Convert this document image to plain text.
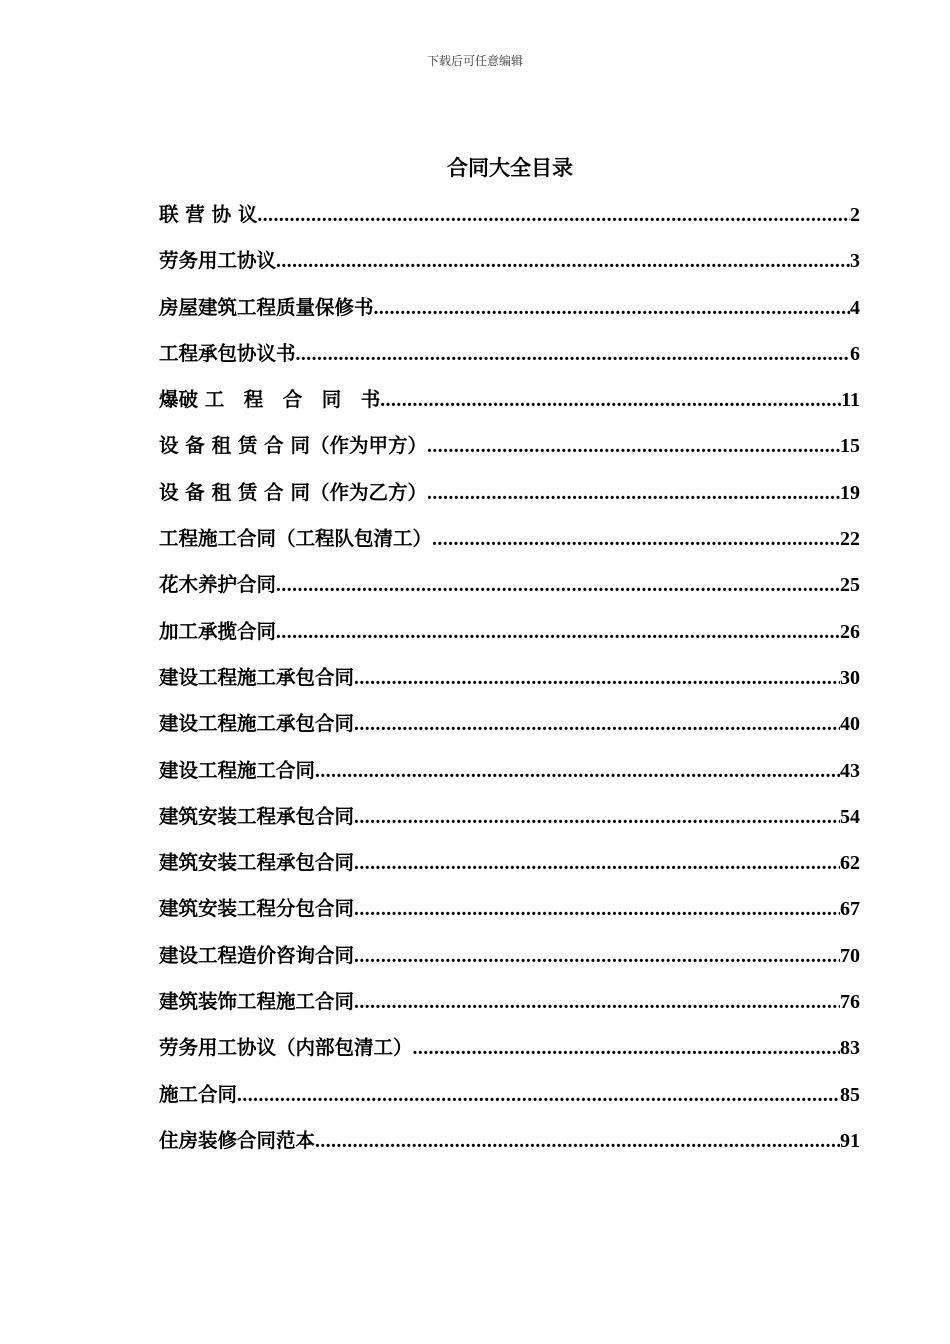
下载后可任意编辑
合同大全目录
联 营 协 议 .....	2
劳务用工协议 .....	3
房屋建筑工程质量保修书 .....	4
工程承包协议书 .....	6
爆破 工　程　合　同　书 .....	11
设 备 租 赁 合 同（作为甲方） .....	15
设 备 租 赁 合 同（作为乙方） .....	19
工程施工合同（工程队包清工） .....	22
花木养护合同 .....	25
加工承揽合同 .....	26
建设工程施工承包合同 .....	30
建设工程施工承包合同 .....	40
建设工程施工合同 .....	43
建筑安装工程承包合同 .....	54
建筑安装工程承包合同 .....	62
建筑安装工程分包合同 .....	67
建设工程造价咨询合同 .....	70
建筑装饰工程施工合同 .....	76
劳务用工协议（内部包清工） .....	83
施工合同 .....	85
住房装修合同范本 .....	91
